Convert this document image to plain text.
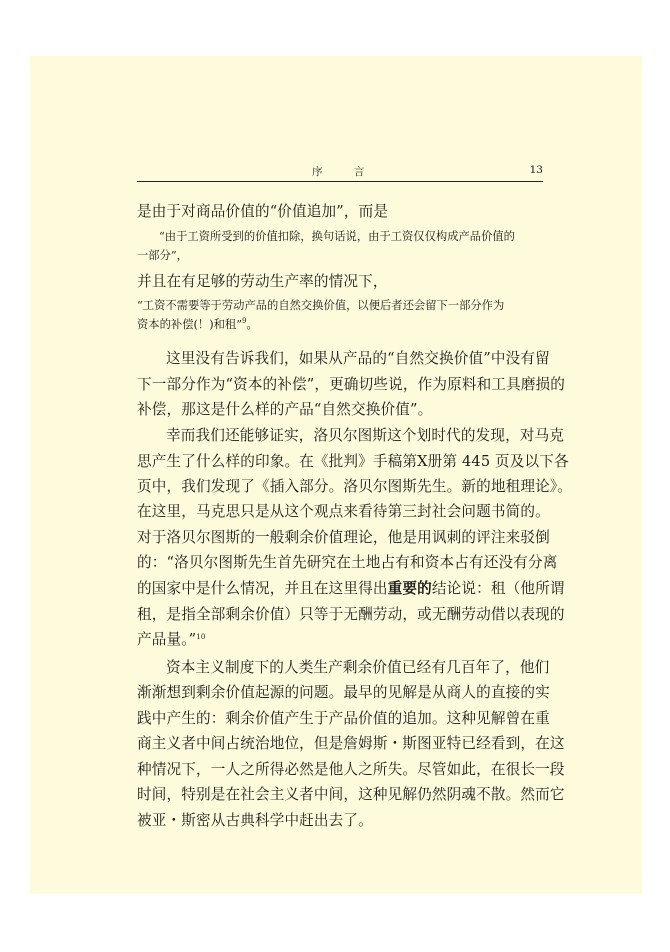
序 言	13
是由于对商品价值的“价值追加”，而是
“由于工资所受到的价值扣除，换句话说，由于工资仅仅构成产品价值的
一部分”，
并且在有足够的劳动生产率的情况下，
“工资不需要等于劳动产品的自然交换价值，以便后者还会留下一部分作为
资本的补偿(！)和租”$^9$。
这里没有告诉我们，如果从产品的“自然交换价值”中没有留
下一部分作为“资本的补偿”，更确切些说，作为原料和工具磨损的
补偿，那这是什么样的产品“自然交换价值”。
幸而我们还能够证实，洛贝尔图斯这个划时代的发现，对马克
思产生了什么样的印象。在《批判》手稿第Ⅹ册第 445 页及以下各
页中，我们发现了《插入部分。洛贝尔图斯先生。新的地租理论》。
在这里，马克思只是从这个观点来看待第三封社会问题书简的。
对于洛贝尔图斯的一般剩余价值理论，他是用讽刺的评注来驳倒
的：“洛贝尔图斯先生首先研究在土地占有和资本占有还没有分离
的国家中是什么情况，并且在这里得出重要的结论说：租（他所谓
租，是指全部剩余价值）只等于无酬劳动，或无酬劳动借以表现的
产品量。”$^{10}$
资本主义制度下的人类生产剩余价值已经有几百年了，他们
渐渐想到剩余价值起源的问题。最早的见解是从商人的直接的实
践中产生的：剩余价值产生于产品价值的追加。这种见解曾在重
商主义者中间占统治地位，但是詹姆斯・斯图亚特已经看到，在这
种情况下，一人之所得必然是他人之所失。尽管如此，在很长一段
时间，特别是在社会主义者中间，这种见解仍然阴魂不散。然而它
被亚・斯密从古典科学中赶出去了。
